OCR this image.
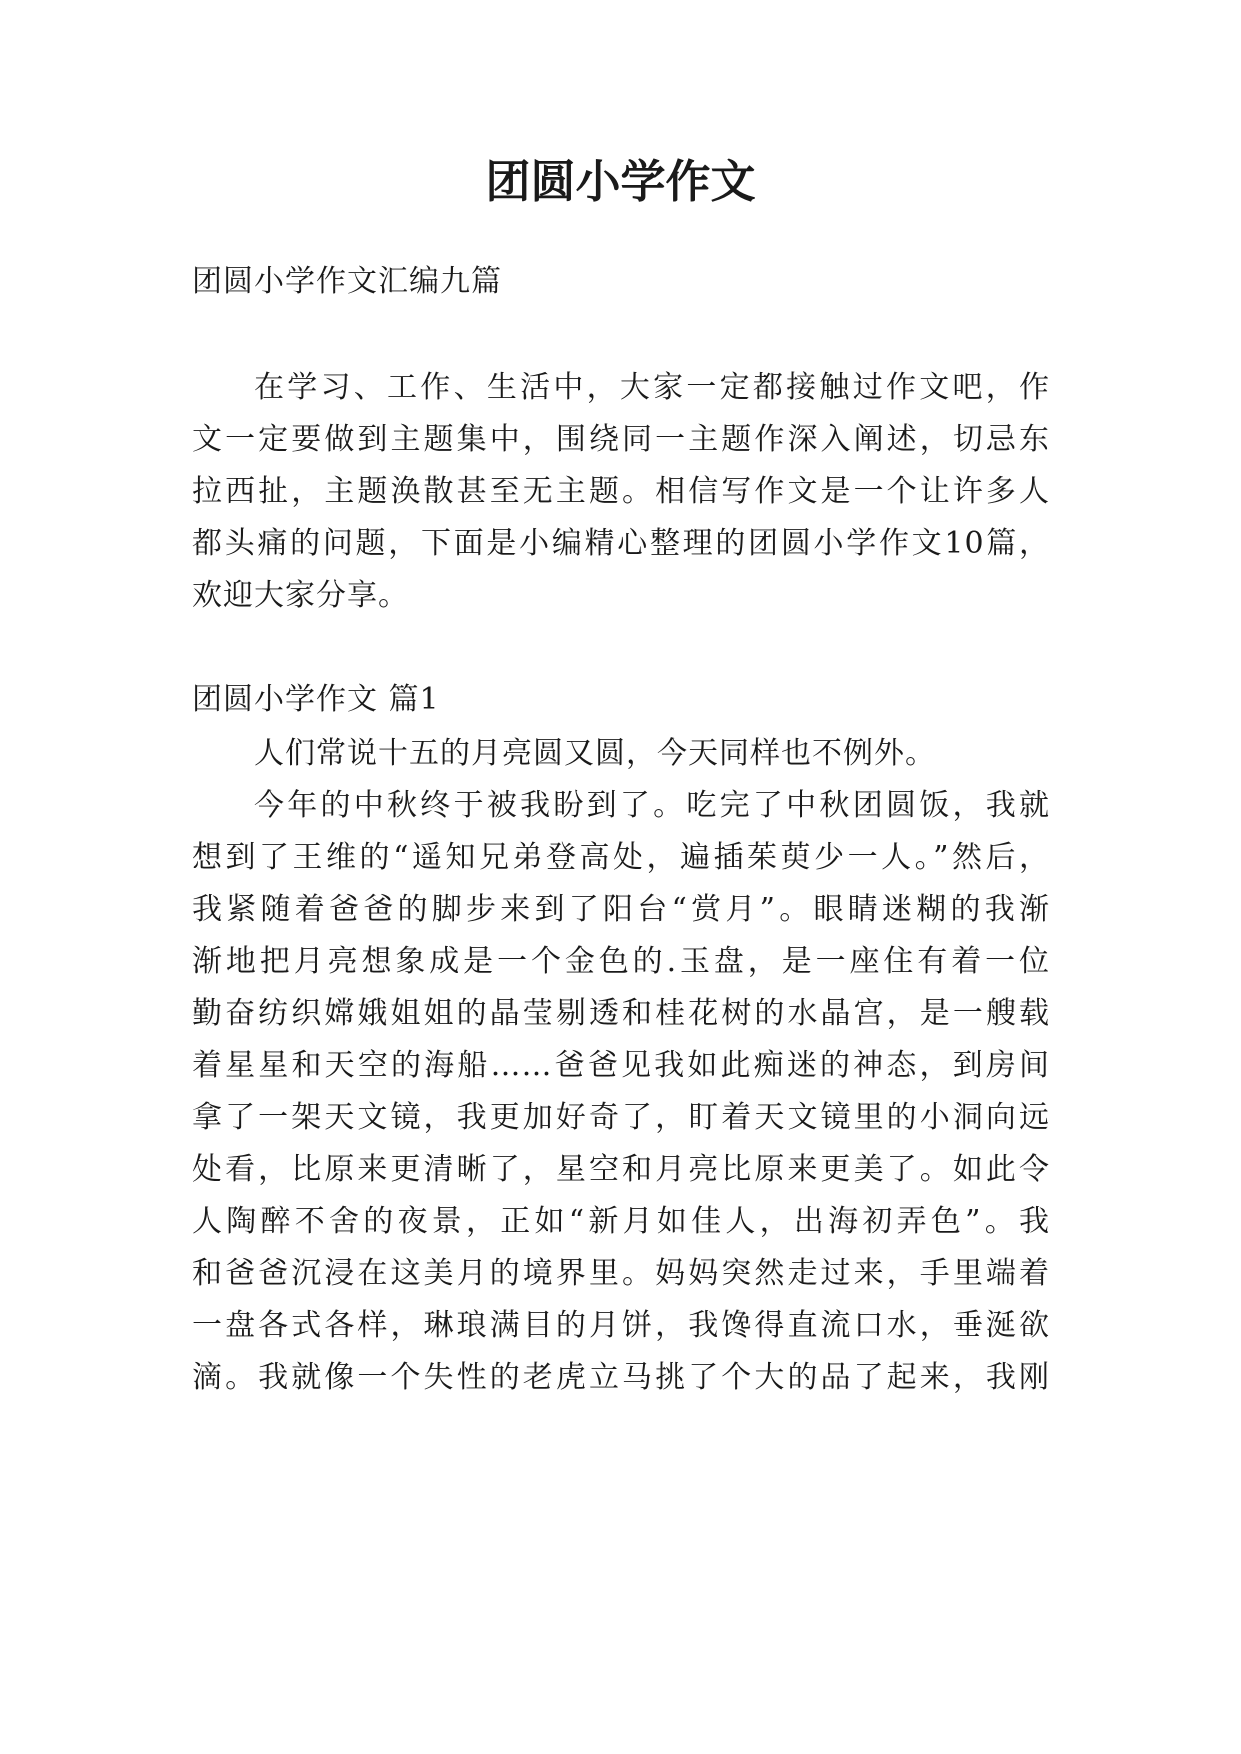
团圆小学作文

团圆小学作文汇编九篇

在学习、工作、生活中，大家一定都接触过作文吧，作

文一定要做到主题集中，围绕同一主题作深入阐述，切忌东

拉西扯，主题涣散甚至无主题。相信写作文是一个让许多人

都头痛的问题，下面是小编精心整理的团圆小学作文10篇，

欢迎大家分享。

团圆小学作文 篇1

人们常说十五的月亮圆又圆，今天同样也不例外。

今年的中秋终于被我盼到了。吃完了中秋团圆饭，我就

想到了王维的“遥知兄弟登高处，遍插茱萸少一人。”然后，

我紧随着爸爸的脚步来到了阳台“赏月”。眼睛迷糊的我渐

渐地把月亮想象成是一个金色的.玉盘，是一座住有着一位

勤奋纺织嫦娥姐姐的晶莹剔透和桂花树的水晶宫，是一艘载

着星星和天空的海船……爸爸见我如此痴迷的神态，到房间

拿了一架天文镜，我更加好奇了，盯着天文镜里的小洞向远

处看，比原来更清晰了，星空和月亮比原来更美了。如此令

人陶醉不舍的夜景，正如“新月如佳人，出海初弄色”。我

和爸爸沉浸在这美月的境界里。妈妈突然走过来，手里端着

一盘各式各样，琳琅满目的月饼，我馋得直流口水，垂涎欲

滴。我就像一个失性的老虎立马挑了个大的品了起来，我刚
